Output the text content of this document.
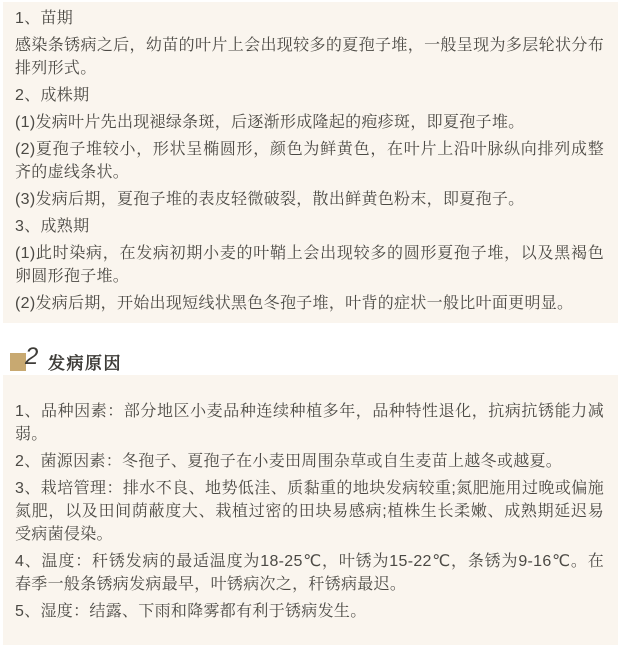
1、苗期

感染条锈病之后，幼苗的叶片上会出现较多的夏孢子堆，一般呈现为多层轮状分布排列形式。

2、成株期

(1)发病叶片先出现褪绿条斑，后逐渐形成隆起的疱疹斑，即夏孢子堆。

(2)夏孢子堆较小，形状呈椭圆形，颜色为鲜黄色，在叶片上沿叶脉纵向排列成整齐的虚线条状。

(3)发病后期，夏孢子堆的表皮轻微破裂，散出鲜黄色粉末，即夏孢子。

3、成熟期

(1)此时染病，在发病初期小麦的叶鞘上会出现较多的圆形夏孢子堆，以及黑褐色卵圆形孢子堆。

(2)发病后期，开始出现短线状黑色冬孢子堆，叶背的症状一般比叶面更明显。

2 发病原因

1、品种因素：部分地区小麦品种连续种植多年，品种特性退化，抗病抗锈能力减弱。

2、菌源因素：冬孢子、夏孢子在小麦田周围杂草或自生麦苗上越冬或越夏。

3、栽培管理：排水不良、地势低洼、质黏重的地块发病较重;氮肥施用过晚或偏施氮肥，以及田间荫蔽度大、栽植过密的田块易感病;植株生长柔嫩、成熟期延迟易受病菌侵染。

4、温度：秆锈发病的最适温度为18-25℃，叶锈为15-22℃，条锈为9-16℃。在春季一般条锈病发病最早，叶锈病次之，秆锈病最迟。

5、湿度：结露、下雨和降雾都有利于锈病发生。
